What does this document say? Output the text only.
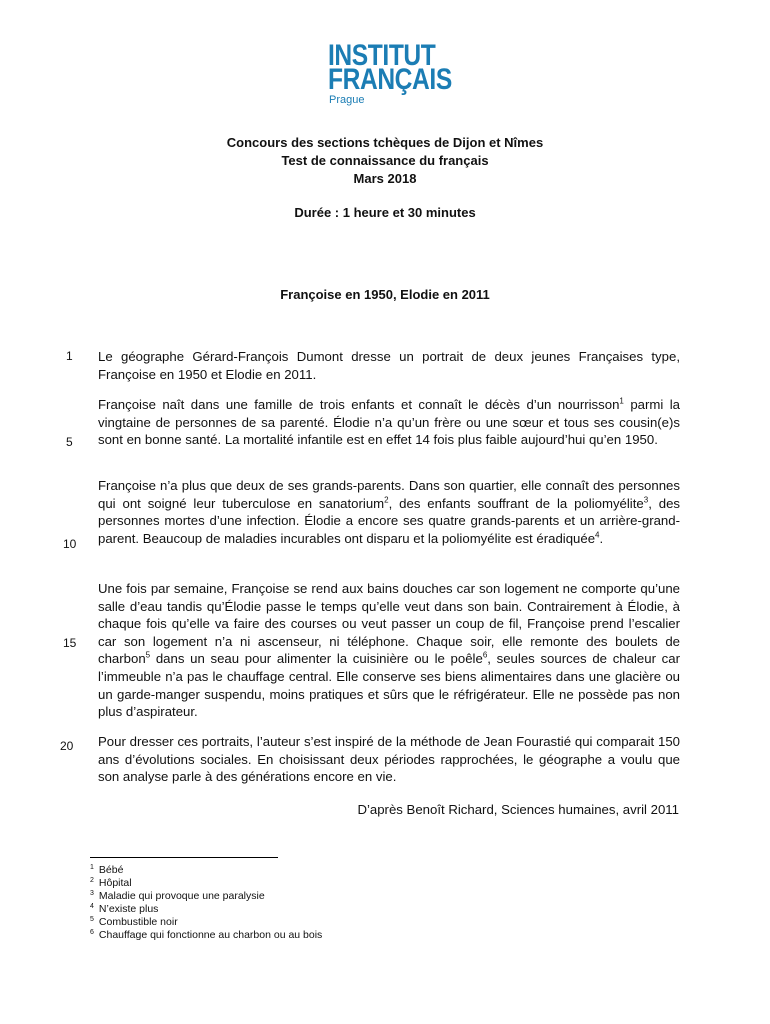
INSTITUT
FRANÇAIS
Prague
Concours des sections tchèques de Dijon et Nîmes
Test de connaissance du français
Mars 2018
Durée : 1 heure et 30 minutes
Françoise en 1950, Elodie en 2011
1
5
10
15
20

Le géographe Gérard-François Dumont dresse un portrait de deux jeunes Françaises type, Françoise en 1950 et Elodie en 2011.

Françoise naît dans une famille de trois enfants et connaît le décès d’un nourrisson$^1$ parmi la vingtaine de personnes de sa parenté. Élodie n’a qu’un frère ou une sœur et tous ses cousin(e)s sont en bonne santé. La mortalité infantile est en effet 14 fois plus faible aujourd’hui qu’en 1950.

Françoise n’a plus que deux de ses grands-parents. Dans son quartier, elle connaît des personnes qui ont soigné leur tuberculose en sanatorium$^2$, des enfants souffrant de la poliomyélite$^3$, des personnes mortes d’une infection. Élodie a encore ses quatre grands-parents et un arrière-grand-parent. Beaucoup de maladies incurables ont disparu et la poliomyélite est éradiquée$^4$.

Une fois par semaine, Françoise se rend aux bains douches car son logement ne comporte qu’une salle d’eau tandis qu’Élodie passe le temps qu’elle veut dans son bain. Contrairement à Élodie, à chaque fois qu’elle va faire des courses ou veut passer un coup de fil, Françoise prend l’escalier car son logement n’a ni ascenseur, ni téléphone. Chaque soir, elle remonte des boulets de charbon$^5$ dans un seau pour alimenter la cuisinière ou le poêle$^6$, seules sources de chaleur car l’immeuble n’a pas le chauffage central. Elle conserve ses biens alimentaires dans une glacière ou un garde-manger suspendu, moins pratiques et sûrs que le réfrigérateur. Elle ne possède pas non plus d’aspirateur.

Pour dresser ces portraits, l’auteur s’est inspiré de la méthode de Jean Fourastié qui comparait 150 ans d’évolutions sociales. En choisissant deux périodes rapprochées, le géographe a voulu que son analyse parle à des générations encore en vie.

D’après Benoît Richard, Sciences humaines, avril 2011
$^1$ Bébé
$^2$ Hôpital
$^3$ Maladie qui provoque une paralysie
$^4$ N’existe plus
$^5$ Combustible noir
$^6$ Chauffage qui fonctionne au charbon ou au bois
